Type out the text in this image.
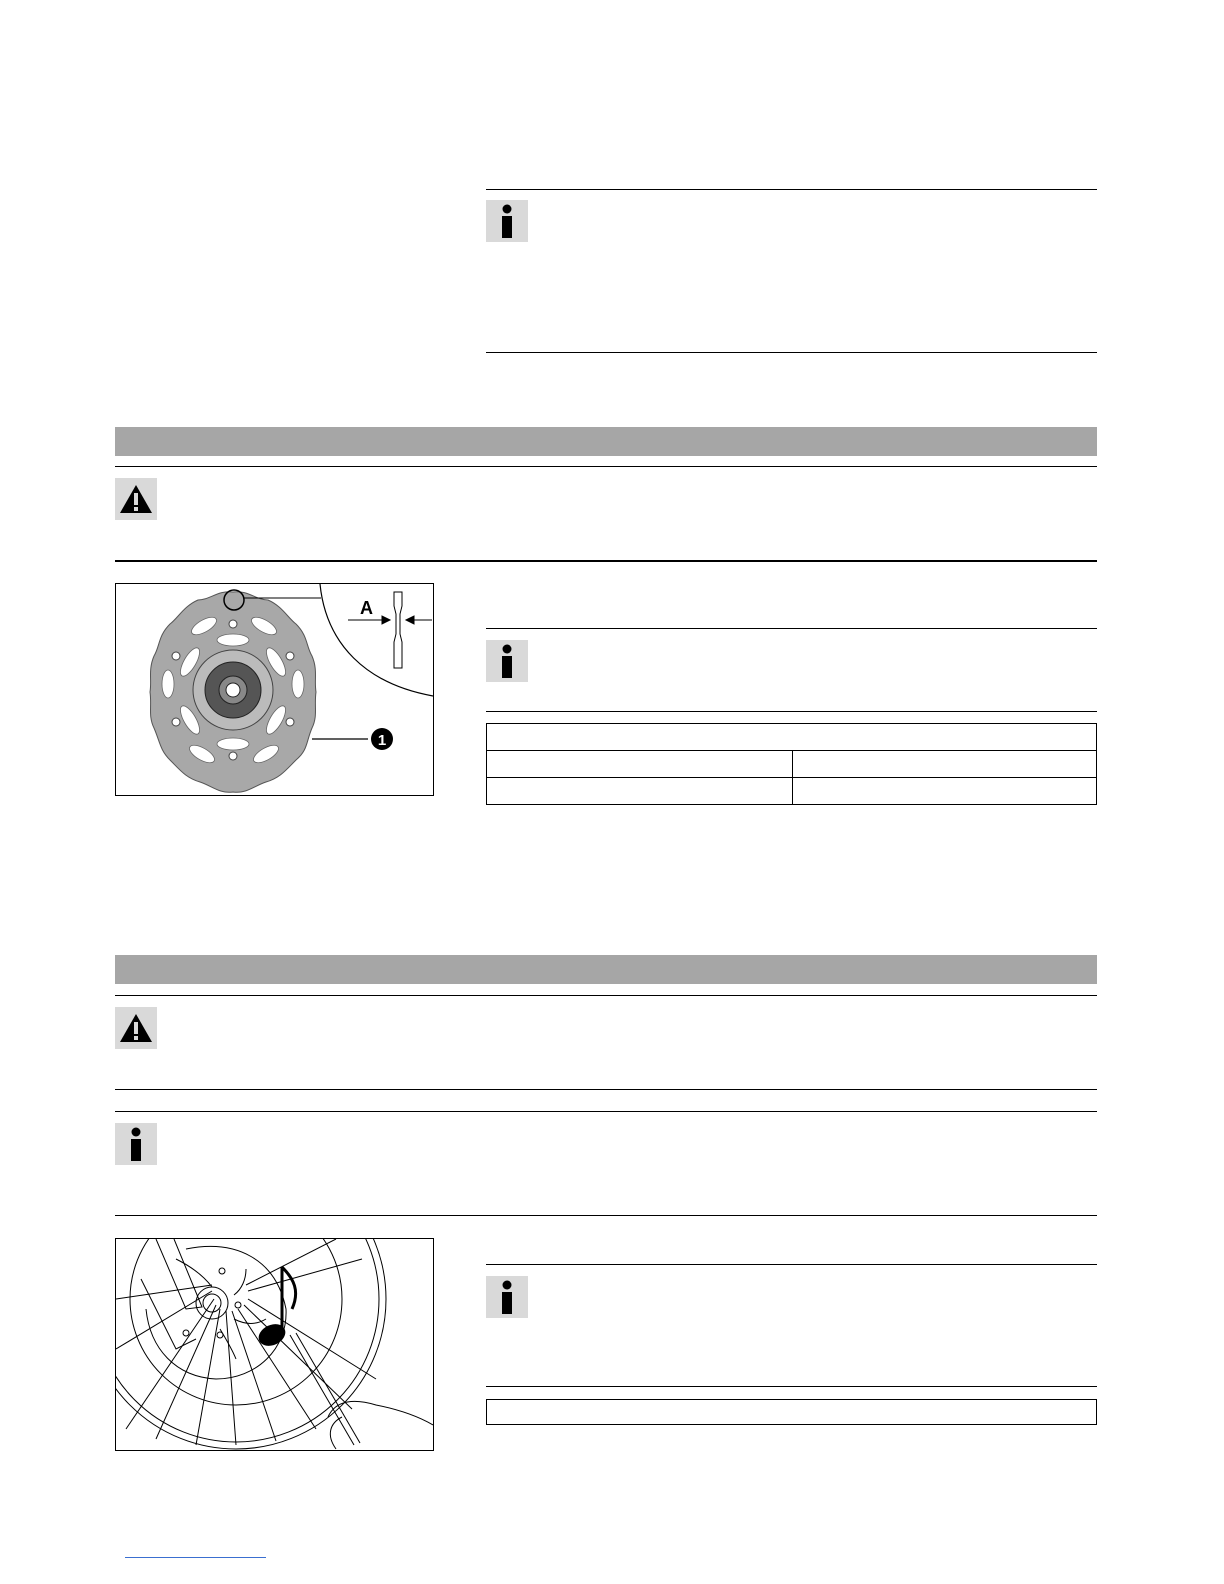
A
1
